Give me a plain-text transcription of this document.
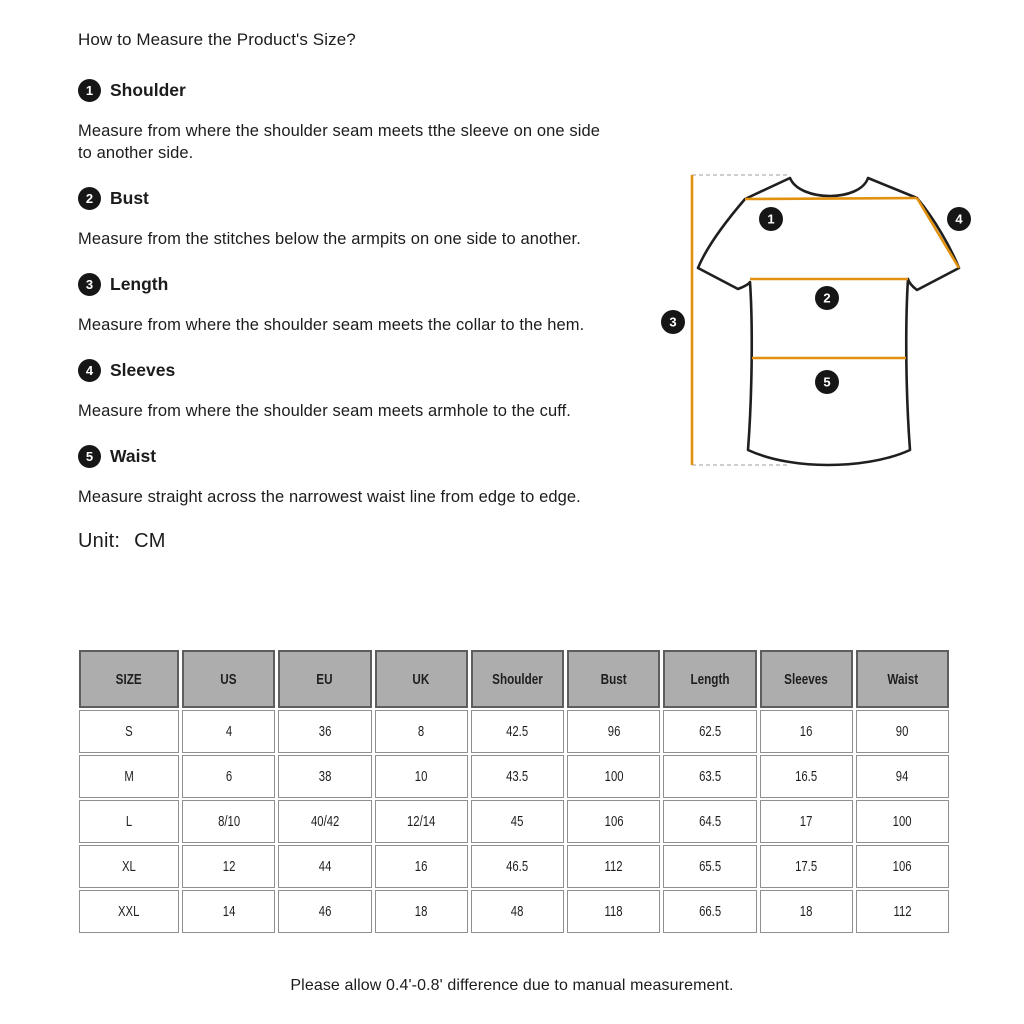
How to Measure the Product's Size?
1 Shoulder

Measure from where the shoulder seam meets tthe sleeve on one side to another side.

2 Bust

Measure from the stitches below the armpits on one side to another.

3 Length

Measure from where the shoulder seam meets the collar to the hem.

4 Sleeves

Measure from where the shoulder seam meets armhole to the cuff.

5 Waist

Measure straight across the narrowest waist line from edge to edge.

Unit: CM
1
2
3
4
5
SIZE	US	EU	UK	Shoulder	Bust	Length	Sleeves	Waist
S	4	36	8	42.5	96	62.5	16	90
M	6	38	10	43.5	100	63.5	16.5	94
L	8/10	40/42	12/14	45	106	64.5	17	100
XL	12	44	16	46.5	112	65.5	17.5	106
XXL	14	46	18	48	118	66.5	18	112
Please allow 0.4'-0.8' difference due to manual measurement.
